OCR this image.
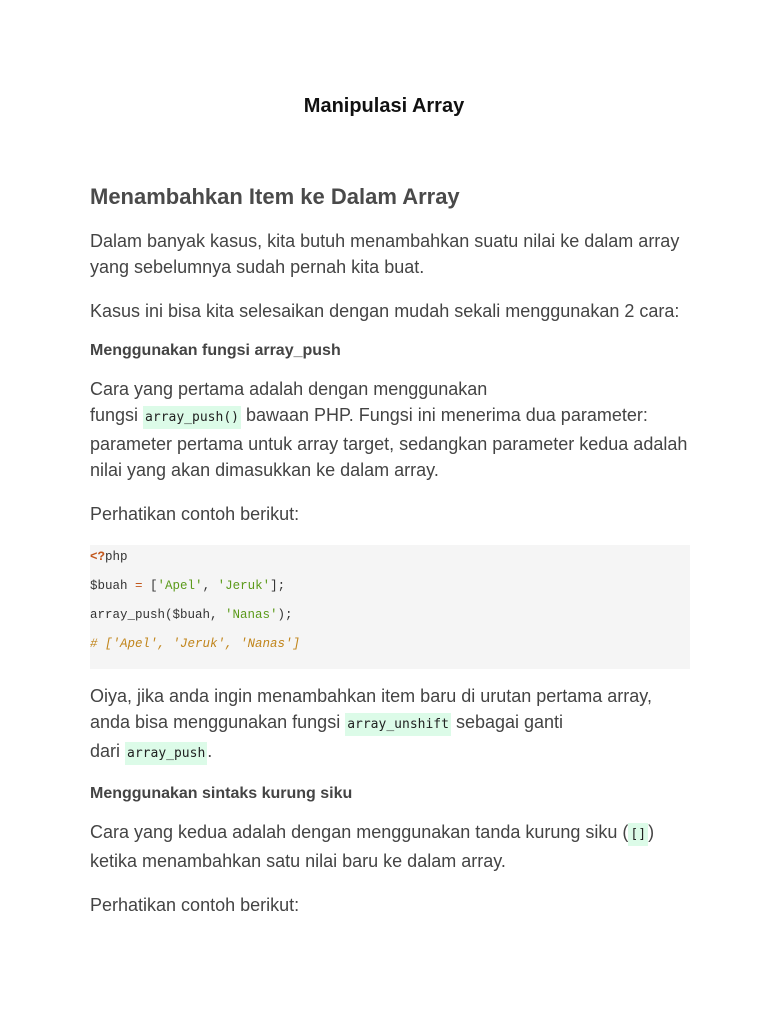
Manipulasi Array
Menambahkan Item ke Dalam Array

Dalam banyak kasus, kita butuh menambahkan suatu nilai ke dalam array yang sebelumnya sudah pernah kita buat.

Kasus ini bisa kita selesaikan dengan mudah sekali menggunakan 2 cara:

Menggunakan fungsi array_push

Cara yang pertama adalah dengan menggunakan
fungsi array_push() bawaan PHP. Fungsi ini menerima dua parameter: parameter pertama untuk array target, sedangkan parameter kedua adalah nilai yang akan dimasukkan ke dalam array.

Perhatikan contoh berikut:

<?php
$buah = ['Apel', 'Jeruk'];
array_push($buah, 'Nanas');
# ['Apel', 'Jeruk', 'Nanas']

Oiya, jika anda ingin menambahkan item baru di urutan pertama array, anda bisa menggunakan fungsi array_unshift sebagai ganti
dari array_push .

Menggunakan sintaks kurung siku

Cara yang kedua adalah dengan menggunakan tanda kurung siku ( [] ) ketika menambahkan satu nilai baru ke dalam array.

Perhatikan contoh berikut:
